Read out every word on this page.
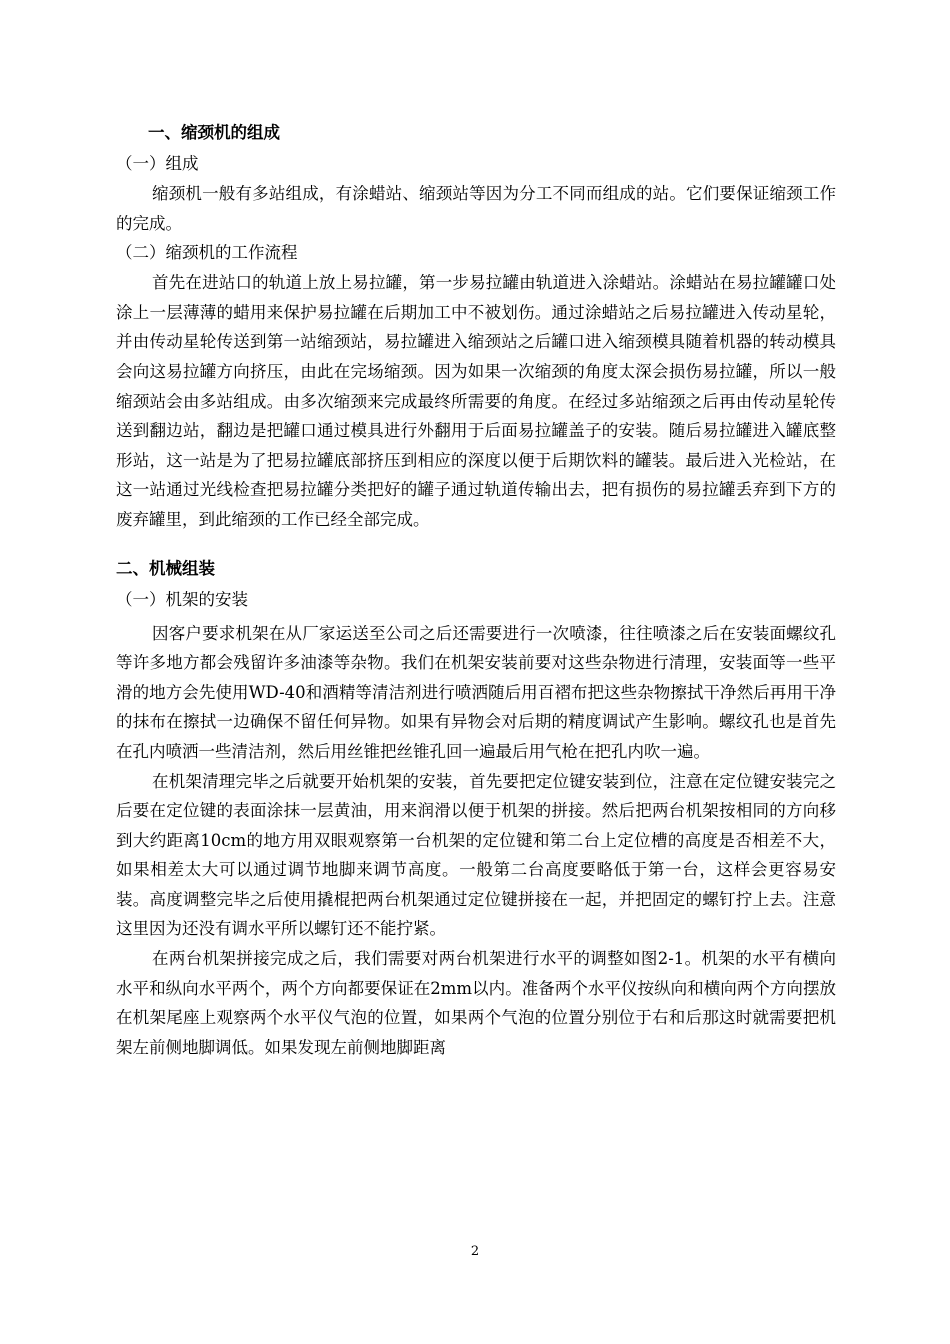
一、缩颈机的组成

（一）组成

缩颈机一般有多站组成，有涂蜡站、缩颈站等因为分工不同而组成的站。它们要保证缩颈工作的完成。

（二）缩颈机的工作流程

首先在进站口的轨道上放上易拉罐，第一步易拉罐由轨道进入涂蜡站。涂蜡站在易拉罐罐口处涂上一层薄薄的蜡用来保护易拉罐在后期加工中不被划伤。通过涂蜡站之后易拉罐进入传动星轮，并由传动星轮传送到第一站缩颈站，易拉罐进入缩颈站之后罐口进入缩颈模具随着机器的转动模具会向这易拉罐方向挤压，由此在完场缩颈。因为如果一次缩颈的角度太深会损伤易拉罐，所以一般缩颈站会由多站组成。由多次缩颈来完成最终所需要的角度。在经过多站缩颈之后再由传动星轮传送到翻边站，翻边是把罐口通过模具进行外翻用于后面易拉罐盖子的安装。随后易拉罐进入罐底整形站，这一站是为了把易拉罐底部挤压到相应的深度以便于后期饮料的罐装。最后进入光检站，在这一站通过光线检查把易拉罐分类把好的罐子通过轨道传输出去，把有损伤的易拉罐丢弃到下方的废弃罐里，到此缩颈的工作已经全部完成。

二、机械组装

（一）机架的安装

因客户要求机架在从厂家运送至公司之后还需要进行一次喷漆，往往喷漆之后在安装面螺纹孔等许多地方都会残留许多油漆等杂物。我们在机架安装前要对这些杂物进行清理，安装面等一些平滑的地方会先使用WD-40和酒精等清洁剂进行喷洒随后用百褶布把这些杂物擦拭干净然后再用干净的抹布在擦拭一边确保不留任何异物。如果有异物会对后期的精度调试产生影响。螺纹孔也是首先在孔内喷洒一些清洁剂，然后用丝锥把丝锥孔回一遍最后用气枪在把孔内吹一遍。

在机架清理完毕之后就要开始机架的安装，首先要把定位键安装到位，注意在定位键安装完之后要在定位键的表面涂抹一层黄油，用来润滑以便于机架的拼接。然后把两台机架按相同的方向移到大约距离10cm的地方用双眼观察第一台机架的定位键和第二台上定位槽的高度是否相差不大，如果相差太大可以通过调节地脚来调节高度。一般第二台高度要略低于第一台，这样会更容易安装。高度调整完毕之后使用撬棍把两台机架通过定位键拼接在一起，并把固定的螺钉拧上去。注意这里因为还没有调水平所以螺钉还不能拧紧。

在两台机架拼接完成之后，我们需要对两台机架进行水平的调整如图2-1。机架的水平有横向水平和纵向水平两个，两个方向都要保证在2mm以内。准备两个水平仪按纵向和横向两个方向摆放在机架尾座上观察两个水平仪气泡的位置，如果两个气泡的位置分别位于右和后那这时就需要把机架左前侧地脚调低。如果发现左前侧地脚距离

2
